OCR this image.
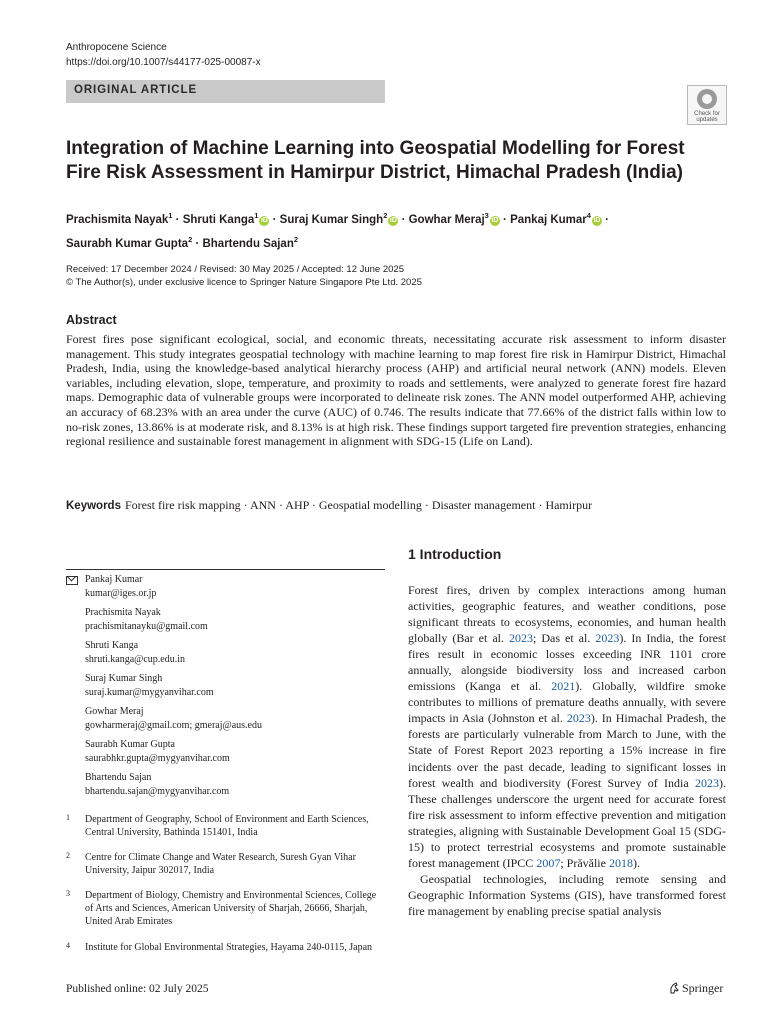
Anthropocene Science
https://doi.org/10.1007/s44177-025-00087-x
ORIGINAL ARTICLE
Check for
updates
Integration of Machine Learning into Geospatial Modelling for Forest Fire Risk Assessment in Hamirpur District, Himachal Pradesh (India)
Prachismita Nayak$^1$ · Shruti Kanga$^1$iD · Suraj Kumar Singh$^2$iD · Gowhar Meraj$^3$iD · Pankaj Kumar$^4$iD ·
Saurabh Kumar Gupta$^2$ · Bhartendu Sajan$^2$
Received: 17 December 2024 / Revised: 30 May 2025 / Accepted: 12 June 2025
© The Author(s), under exclusive licence to Springer Nature Singapore Pte Ltd. 2025
Abstract

Forest fires pose significant ecological, social, and economic threats, necessitating accurate risk assessment to inform disaster management. This study integrates geospatial technology with machine learning to map forest fire risk in Hamirpur District, Himachal Pradesh, India, using the knowledge-based analytical hierarchy process (AHP) and artificial neural network (ANN) models. Eleven variables, including elevation, slope, temperature, and proximity to roads and settlements, were analyzed to generate forest fire hazard maps. Demographic data of vulnerable groups were incorporated to delineate risk zones. The ANN model outperformed AHP, achieving an accuracy of 68.23% with an area under the curve (AUC) of 0.746. The results indicate that 77.66% of the district falls within low to no-risk zones, 13.86% is at moderate risk, and 8.13% is at high risk. These findings support targeted fire prevention strategies, enhancing regional resilience and sustainable forest management in alignment with SDG-15 (Life on Land).

Keywords Forest fire risk mapping · ANN · AHP · Geospatial modelling · Disaster management · Hamirpur
1 Introduction
Pankaj Kumar
kumar@iges.or.jp
Prachismita Nayak
prachismitanayku@gmail.com
Shruti Kanga
shruti.kanga@cup.edu.in
Suraj Kumar Singh
suraj.kumar@mygyanvihar.com
Gowhar Meraj
gowharmeraj@gmail.com; gmeraj@aus.edu
Saurabh Kumar Gupta
saurabhkr.gupta@mygyanvihar.com
Bhartendu Sajan
bhartendu.sajan@mygyanvihar.com
1 Department of Geography, School of Environment and Earth Sciences, Central University, Bathinda 151401, India
2 Centre for Climate Change and Water Research, Suresh Gyan Vihar University, Jaipur 302017, India
3 Department of Biology, Chemistry and Environmental Sciences, College of Arts and Sciences, American University of Sharjah, 26666, Sharjah, United Arab Emirates
4 Institute for Global Environmental Strategies, Hayama 240-0115, Japan

Forest fires, driven by complex interactions among human activities, geographic features, and weather conditions, pose significant threats to ecosystems, economies, and human health globally (Bar et al. 2023; Das et al. 2023). In India, the forest fires result in economic losses exceeding INR 1101 crore annually, alongside biodiversity loss and increased carbon emissions (Kanga et al. 2021). Globally, wildfire smoke contributes to millions of premature deaths annually, with severe impacts in Asia (Johnston et al. 2023). In Himachal Pradesh, the forests are particularly vulnerable from March to June, with the State of Forest Report 2023 reporting a 15% increase in fire incidents over the past decade, leading to significant losses in forest wealth and biodiversity (Forest Survey of India 2023). These challenges underscore the urgent need for accurate forest fire risk assessment to inform effective prevention and mitigation strategies, aligning with Sustainable Development Goal 15 (SDG-15) to protect terrestrial ecosystems and promote sustainable forest management (IPCC 2007; Prăvălie 2018).

Geospatial technologies, including remote sensing and Geographic Information Systems (GIS), have transformed forest fire management by enabling precise spatial analysis

Published online: 02 July 2025	Springer
